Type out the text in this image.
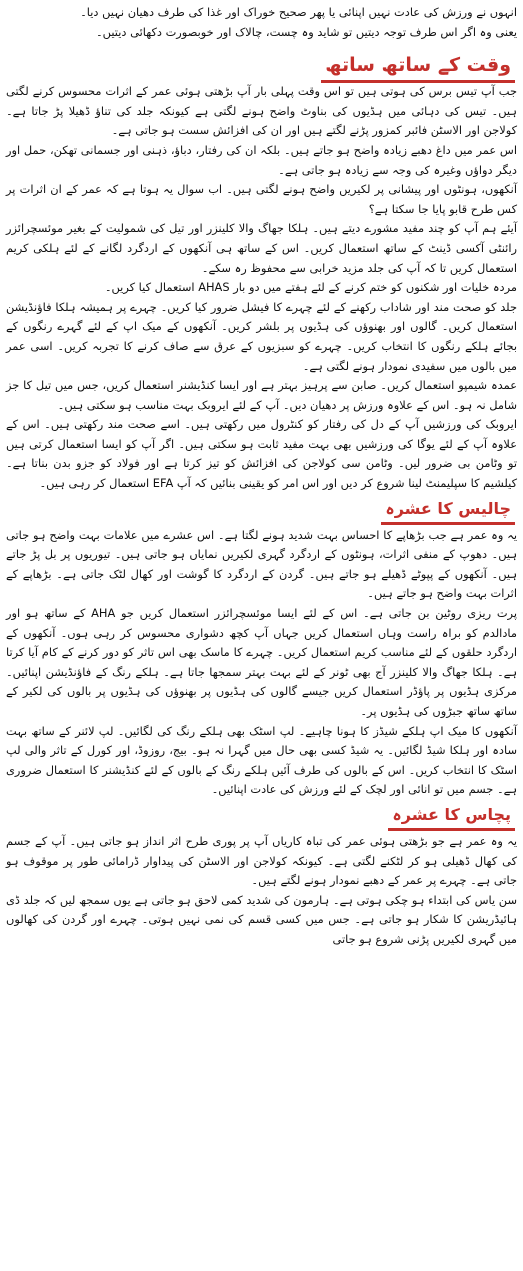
انہوں نے ورزش کی عادت نہیں اپنائی یا پھر صحیح خوراک اور غذا کی طرف دھیان نہیں دیا۔

یعنی وہ اگر اس طرف توجہ دیتیں تو شاید وہ چست، چالاک اور خوبصورت دکھائی دیتیں۔

وقت کے ساتھ ساتھ

جب آپ تیس برس کی ہوتی ہیں تو اس وقت پہلی بار آپ بڑھتی ہوئی عمر کے اثرات محسوس کرنے لگتی ہیں۔ تیس کی دہائی میں ہڈیوں کی بناوٹ واضح ہونے لگتی ہے کیونکہ جلد کی تناؤ ڈھیلا پڑ جاتا ہے۔ کولاجن اور الاسٹن فائبر کمزور پڑنے لگتے ہیں اور ان کی افزائش سست ہو جاتی ہے۔

اس عمر میں داغ دھبے زیادہ واضح ہو جاتے ہیں۔ بلکہ ان کی رفتار، دباؤ، ذہنی اور جسمانی تھکن، حمل اور دیگر دواؤں وغیرہ کی وجہ سے زیادہ ہو جاتی ہے۔

آنکھوں، ہونٹوں اور پیشانی پر لکیریں واضح ہونے لگتی ہیں۔ اب سوال یہ ہوتا ہے کہ عمر کے ان اثرات پر کس طرح قابو پایا جا سکتا ہے؟

آیئے ہم آپ کو چند مفید مشورے دیتے ہیں۔ ہلکا جھاگ والا کلینزر اور تیل کی شمولیت کے بغیر موئسچرائزر رائنٹی آکسی ڈینٹ کے ساتھ استعمال کریں۔ اس کے ساتھ ہی آنکھوں کے اردگرد لگانے کے لئے ہلکی کریم استعمال کریں تا کہ آپ کی جلد مزید خرابی سے محفوظ رہ سکے۔

مردہ خلیات اور شکنوں کو ختم کرنے کے لئے ہفتے میں دو بار AHAS استعمال کیا کریں۔

جلد کو صحت مند اور شاداب رکھنے کے لئے چہرے کا فیشل ضرور کیا کریں۔ چہرے پر ہمیشہ ہلکا فاؤنڈیشن استعمال کریں۔ گالوں اور بھنوؤں کی ہڈیوں پر بلشر کریں۔ آنکھوں کے میک اپ کے لئے گہرے رنگوں کے بجائے ہلکے رنگوں کا انتخاب کریں۔ چہرے کو سبزیوں کے عرق سے صاف کرنے کا تجربہ کریں۔ اسی عمر میں بالوں میں سفیدی نمودار ہونے لگتی ہے۔

عمدہ شیمپو استعمال کریں۔ صابن سے پرہیز بہتر ہے اور ایسا کنڈیشنر استعمال کریں، جس میں تیل کا جز شامل نہ ہو۔ اس کے علاوہ ورزش پر دھیان دیں۔ آپ کے لئے ایروبک بہت مناسب ہو سکتی ہیں۔

ایروبک کی ورزشیں آپ کے دل کی رفتار کو کنٹرول میں رکھتی ہیں۔ اسے صحت مند رکھتی ہیں۔ اس کے علاوہ آپ کے لئے یوگا کی ورزشیں بھی بہت مفید ثابت ہو سکتی ہیں۔ اگر آپ کو ایسا استعمال کرتی ہیں تو وٹامن بی ضرور لیں۔ وٹامن سی کولاجن کی افزائش کو تیز کرتا ہے اور فولاد کو جزو بدن بناتا ہے۔ کیلشیم کا سپلیمنٹ لینا شروع کر دیں اور اس امر کو یقینی بنائیں کہ آپ EFA استعمال کر رہی ہیں۔

چالیس کا عشرہ

یہ وہ عمر ہے جب بڑھاپے کا احساس بہت شدید ہونے لگتا ہے۔ اس عشرے میں علامات بہت واضح ہو جاتی ہیں۔ دھوپ کے منفی اثرات، ہونٹوں کے اردگرد گہری لکیریں نمایاں ہو جاتی ہیں۔ تیوریوں پر بل پڑ جاتے ہیں۔ آنکھوں کے پپوٹے ڈھیلے ہو جاتے ہیں۔ گردن کے اردگرد کا گوشت اور کھال لٹک جاتی ہے۔ بڑھاپے کے اثرات بہت واضح ہو جاتے ہیں۔

پرت ریزی روٹین بن جاتی ہے۔ اس کے لئے ایسا موئسچرائزر استعمال کریں جو AHA کے ساتھ ہو اور مادالدم کو براہ راست وہاں استعمال کریں جہاں آپ کچھ دشواری محسوس کر رہی ہوں۔ آنکھوں کے اردگرد حلقوں کے لئے مناسب کریم استعمال کریں۔ چہرے کا ماسک بھی اس تاثر کو دور کرنے کے کام آیا کرتا ہے۔ ہلکا جھاگ والا کلینزر آج بھی ٹونر کے لئے بہت بہتر سمجھا جاتا ہے۔ ہلکے رنگ کے فاؤنڈیشن اپنائیں۔ مرکزی ہڈیوں پر پاؤڈر استعمال کریں جیسے گالوں کی ہڈیوں پر بھنوؤں کی ہڈیوں پر بالوں کی لکیر کے ساتھ ساتھ جبڑوں کی ہڈیوں پر۔

آنکھوں کا میک اپ ہلکے شیڈز کا ہونا چاہیے۔ لپ اسٹک بھی ہلکے رنگ کی لگائیں۔ لپ لائنر کے ساتھ بہت سادہ اور ہلکا شیڈ لگائیں۔ یہ شیڈ کسی بھی حال میں گہرا نہ ہو۔ بیج، روزوڈ، اور کورل کے تاثر والی لپ اسٹک کا انتخاب کریں۔ اس کے بالوں کی طرف آئیں ہلکے رنگ کے بالوں کے لئے کنڈیشنر کا استعمال ضروری ہے۔ جسم میں تو انائی اور لچک کے لئے ورزش کی عادت اپنائیں۔

پچاس کا عشرہ

یہ وہ عمر ہے جو بڑھتی ہوئی عمر کی تباہ کاریاں آپ پر پوری طرح اثر انداز ہو جاتی ہیں۔ آپ کے جسم کی کھال ڈھیلی ہو کر لٹکنے لگتی ہے۔ کیونکہ کولاجن اور الاسٹن کی پیداوار ڈرامائی طور پر موقوف ہو جاتی ہے۔ چہرے پر عمر کے دھبے نمودار ہونے لگتے ہیں۔

سن یاس کی ابتداء ہو چکی ہوتی ہے۔ ہارمون کی شدید کمی لاحق ہو جاتی ہے یوں سمجھ لیں کہ جلد ڈی ہائیڈریشن کا شکار ہو جاتی ہے۔ جس میں کسی قسم کی نمی نہیں ہوتی۔ چہرے اور گردن کی کھالوں میں گہری لکیریں پڑنی شروع ہو جاتی
